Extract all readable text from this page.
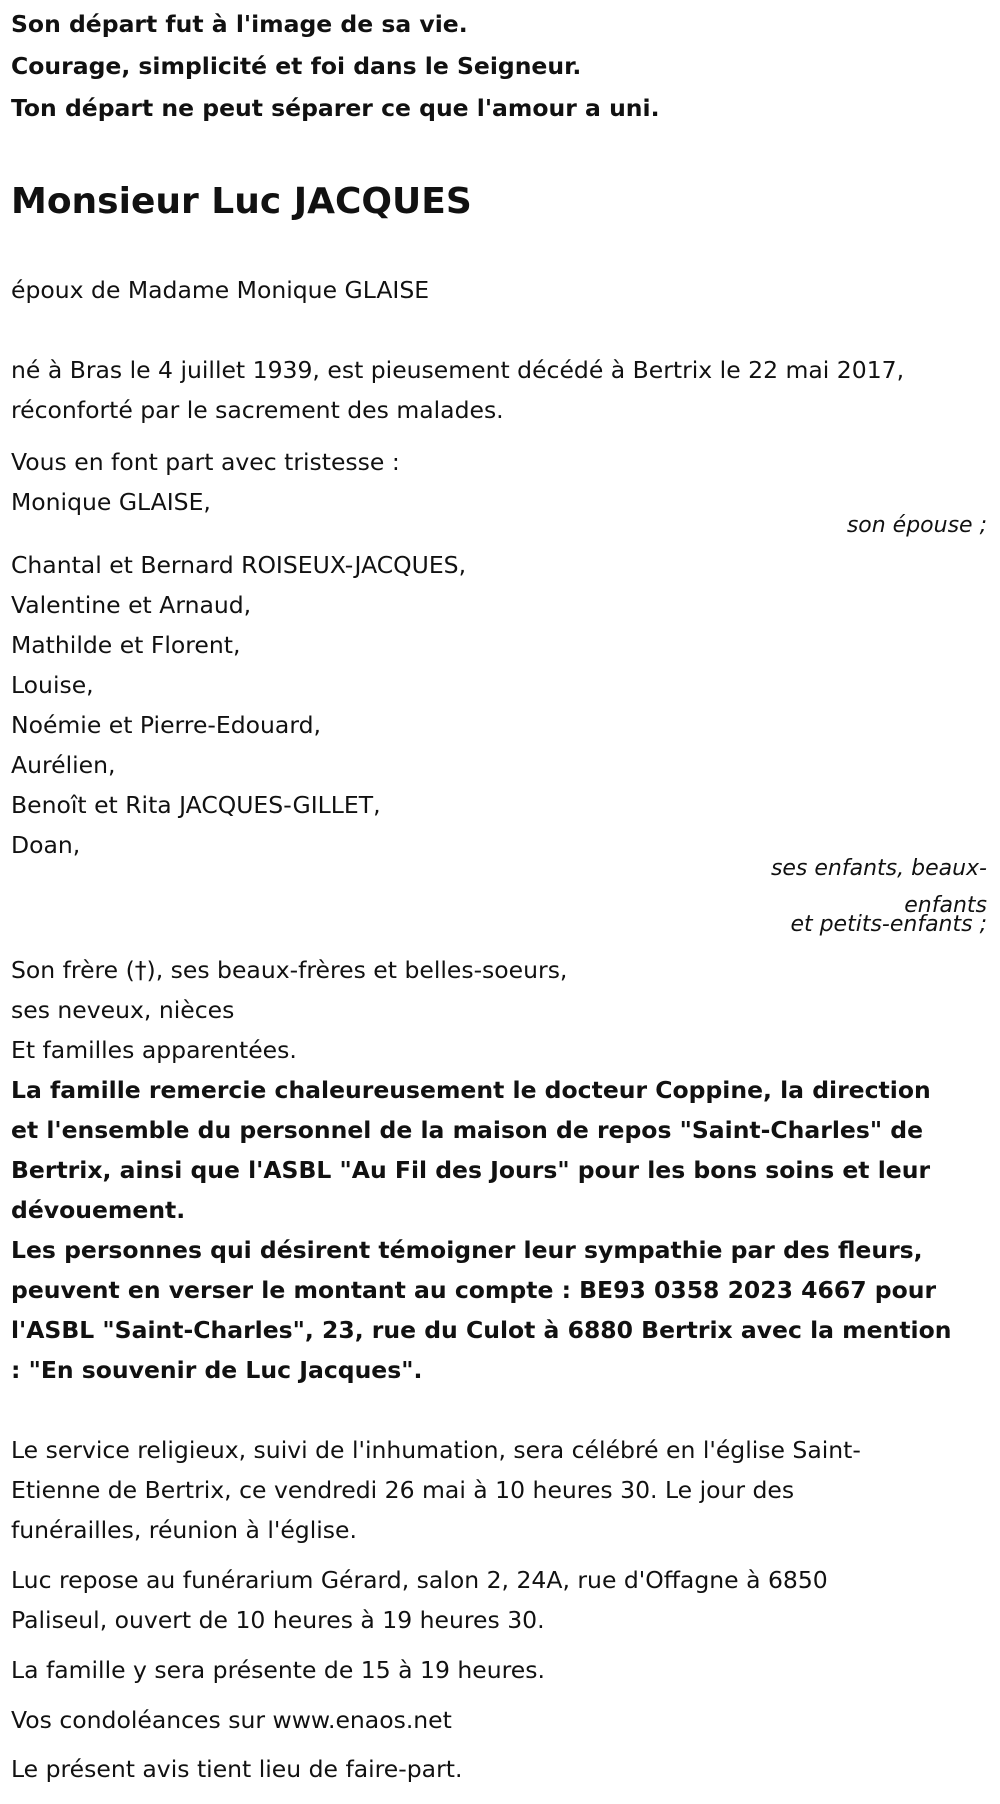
Son départ fut à l'image de sa vie.

Courage, simplicité et foi dans le Seigneur.

Ton départ ne peut séparer ce que l'amour a uni.

Monsieur Luc JACQUES

époux de Madame Monique GLAISE

né à Bras le 4 juillet 1939, est pieusement décédé à Bertrix le 22 mai 2017,

réconforté par le sacrement des malades.

Vous en font part avec tristesse :

Monique GLAISE,

son épouse ;

Chantal et Bernard ROISEUX-JACQUES,

Valentine et Arnaud,

Mathilde et Florent,

Louise,

Noémie et Pierre-Edouard,

Aurélien,

Benoît et Rita JACQUES-GILLET,

Doan,

ses enfants, beaux-

enfants

et petits-enfants ;

Son frère (†), ses beaux-frères et belles-soeurs,

ses neveux, nièces

Et familles apparentées.

La famille remercie chaleureusement le docteur Coppine, la direction

et l'ensemble du personnel de la maison de repos "Saint-Charles" de

Bertrix, ainsi que l'ASBL "Au Fil des Jours" pour les bons soins et leur

dévouement.

Les personnes qui désirent témoigner leur sympathie par des fleurs,

peuvent en verser le montant au compte : BE93 0358 2023 4667 pour

l'ASBL "Saint-Charles", 23, rue du Culot à 6880 Bertrix avec la mention

: "En souvenir de Luc Jacques".

Le service religieux, suivi de l'inhumation, sera célébré en l'église Saint-

Etienne de Bertrix, ce vendredi 26 mai à 10 heures 30. Le jour des

funérailles, réunion à l'église.

Luc repose au funérarium Gérard, salon 2, 24A, rue d'Offagne à 6850

Paliseul, ouvert de 10 heures à 19 heures 30.

La famille y sera présente de 15 à 19 heures.

Vos condoléances sur www.enaos.net

Le présent avis tient lieu de faire-part.
